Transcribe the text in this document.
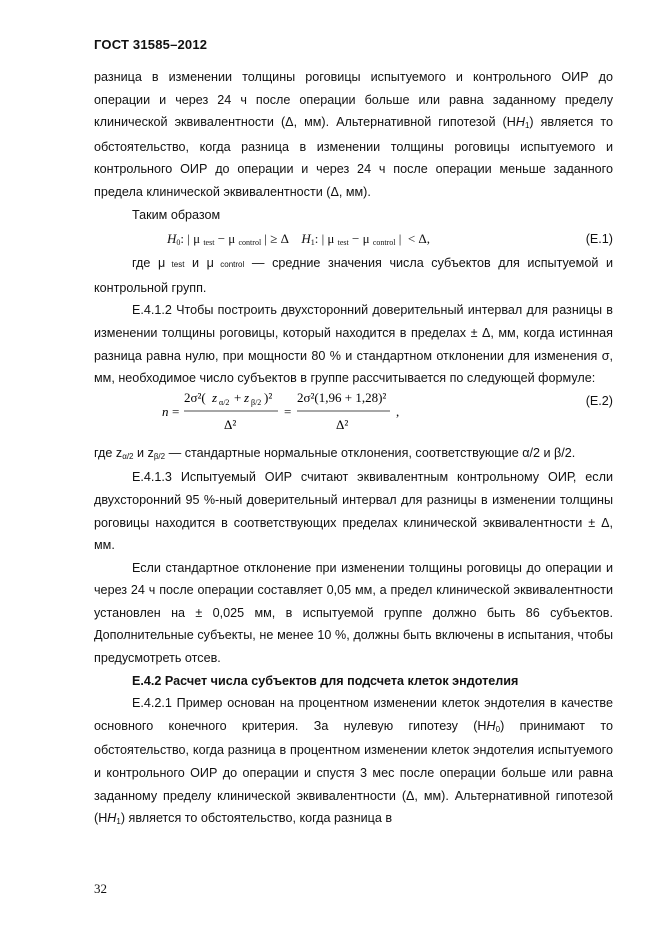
ГОСТ 31585–2012

разница в изменении толщины роговицы испытуемого и контрольного ОИР до операции и через 24 ч после операции больше или равна заданному пределу клинической эквивалентности (Δ, мм). Альтернативной гипотезой $(HH_1)$ является то обстоятельство, когда разница в изменении толщины роговицы испытуемого и контрольного ОИР до операции и через 24 ч после операции меньше заданного предела клинической эквивалентности (Δ, мм).

Таким образом

$H_0$: | μ $_{test}$ − μ $_{control}$ | ≥ Δ    $H_1$: | μ $_{test}$ − μ $_{control}$ |  < Δ,	(Е.1)

где μ test и μ control — средние значения числа субъектов для испытуемой и контрольной групп.

Е.4.1.2 Чтобы построить двухсторонний доверительный интервал для разницы в изменении толщины роговицы, который находится в пределах ± Δ, мм, когда истинная разница равна нулю, при мощности 80 % и стандартном отклонении для изменения σ, мм, необходимое число субъектов в группе рассчитывается по следующей формуле:

n =
2σ²( z α/2 + z β/2 )²
Δ²
=
2σ²(1,96 + 1,28)²
Δ²
,
(Е.2)

где $z_{\alpha/2}$ и $z_{\beta/2}$ — стандартные нормальные отклонения, соответствующие α/2 и β/2.

Е.4.1.3 Испытуемый ОИР считают эквивалентным контрольному ОИР, если двухсторонний 95 %-ный доверительный интервал для разницы в изменении толщины роговицы находится в соответствующих пределах клинической эквивалентности ± Δ, мм.

Если стандартное отклонение при изменении толщины роговицы до операции и через 24 ч после операции составляет 0,05 мм, а предел клинической эквивалентности установлен на ± 0,025 мм, в испытуемой группе должно быть 86 субъектов. Дополнительные субъекты, не менее 10 %, должны быть включены в испытания, чтобы предусмотреть отсев.

Е.4.2 Расчет числа субъектов для подсчета клеток эндотелия

Е.4.2.1 Пример основан на процентном изменении клеток эндотелия в качестве основного конечного критерия. За нулевую гипотезу $(HH_0)$ принимают то обстоятельство, когда разница в процентном изменении клеток эндотелия испытуемого и контрольного ОИР до операции и спустя 3 мес после операции больше или равна заданному пределу клинической эквивалентности (Δ, мм). Альтернативной гипотезой $(HH_1)$ является то обстоятельство, когда разница в

32
